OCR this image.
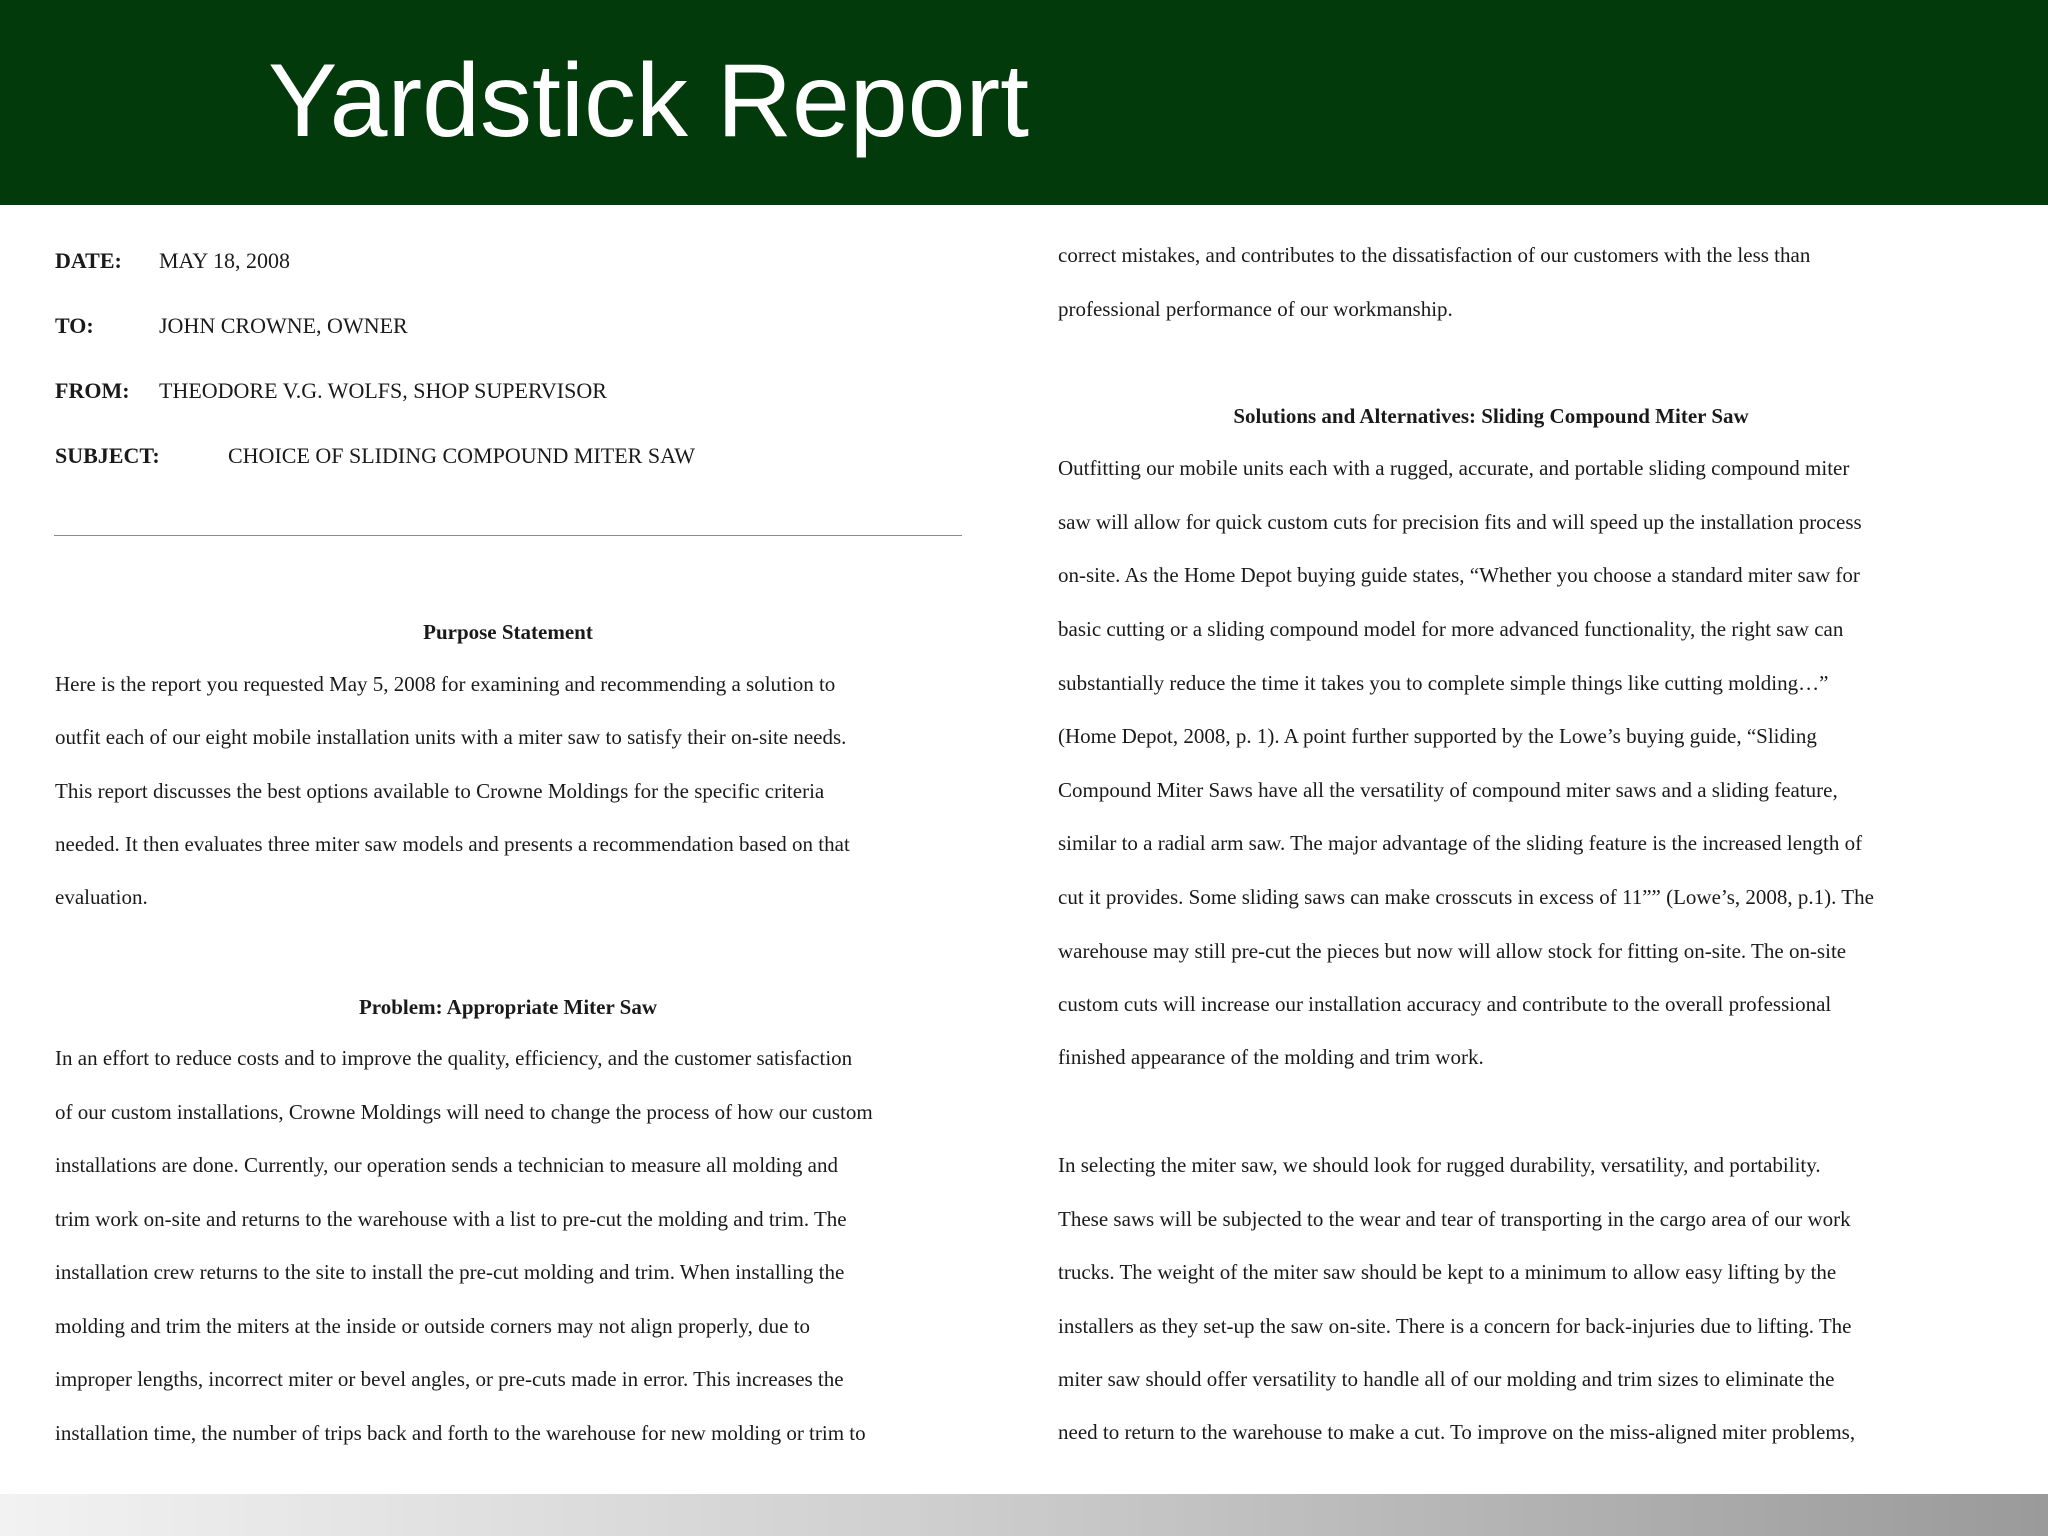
Yardstick Report
DATE: MAY 18, 2008
TO:	JOHN CROWNE, OWNER
FROM: THEODORE V.G. WOLFS, SHOP SUPERVISOR
SUBJECT:	CHOICE OF SLIDING COMPOUND MITER SAW
Purpose Statement
Here is the report you requested May 5, 2008 for examining and recommending a solution to
outfit each of our eight mobile installation units with a miter saw to satisfy their on-site needs.
This report discusses the best options available to Crowne Moldings for the specific criteria
needed. It then evaluates three miter saw models and presents a recommendation based on that
evaluation.
Problem: Appropriate Miter Saw
In an effort to reduce costs and to improve the quality, efficiency, and the customer satisfaction
of our custom installations, Crowne Moldings will need to change the process of how our custom
installations are done. Currently, our operation sends a technician to measure all molding and
trim work on-site and returns to the warehouse with a list to pre-cut the molding and trim. The
installation crew returns to the site to install the pre-cut molding and trim. When installing the
molding and trim the miters at the inside or outside corners may not align properly, due to
improper lengths, incorrect miter or bevel angles, or pre-cuts made in error. This increases the
installation time, the number of trips back and forth to the warehouse for new molding or trim to
correct mistakes, and contributes to the dissatisfaction of our customers with the less than
professional performance of our workmanship.
Solutions and Alternatives: Sliding Compound Miter Saw
Outfitting our mobile units each with a rugged, accurate, and portable sliding compound miter
saw will allow for quick custom cuts for precision fits and will speed up the installation process
on-site. As the Home Depot buying guide states, “Whether you choose a standard miter saw for
basic cutting or a sliding compound model for more advanced functionality, the right saw can
substantially reduce the time it takes you to complete simple things like cutting molding…”
(Home Depot, 2008, p. 1). A point further supported by the Lowe’s buying guide, “Sliding
Compound Miter Saws have all the versatility of compound miter saws and a sliding feature,
similar to a radial arm saw. The major advantage of the sliding feature is the increased length of
cut it provides. Some sliding saws can make crosscuts in excess of 11”” (Lowe’s, 2008, p.1). The
warehouse may still pre-cut the pieces but now will allow stock for fitting on-site. The on-site
custom cuts will increase our installation accuracy and contribute to the overall professional
finished appearance of the molding and trim work.
In selecting the miter saw, we should look for rugged durability, versatility, and portability.
These saws will be subjected to the wear and tear of transporting in the cargo area of our work
trucks. The weight of the miter saw should be kept to a minimum to allow easy lifting by the
installers as they set-up the saw on-site. There is a concern for back-injuries due to lifting. The
miter saw should offer versatility to handle all of our molding and trim sizes to eliminate the
need to return to the warehouse to make a cut. To improve on the miss-aligned miter problems,
